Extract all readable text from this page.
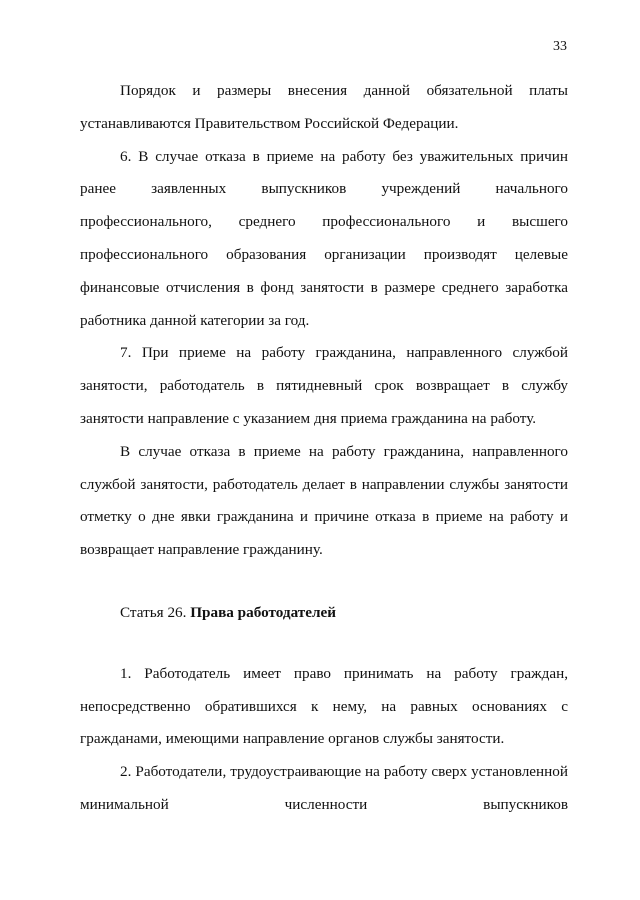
33

Порядок и размеры внесения данной обязательной платы устанавливаются Правительством Российской Федерации.

6. В случае отказа в приеме на работу без уважительных причин ранее заявленных выпускников учреждений начального профессионального, среднего профессионального и высшего профессионального образования организации производят целевые финансовые отчисления в фонд занятости в размере среднего заработка работника данной категории за год.

7. При приеме на работу гражданина, направленного службой занятости, работодатель в пятидневный срок возвращает в службу занятости направление с указанием дня приема гражданина на работу.

В случае отказа в приеме на работу гражданина, направленного службой занятости, работодатель делает в направлении службы занятости отметку о дне явки гражданина и причине отказа в приеме на работу и возвращает направление гражданину.

Статья 26. Права работодателей

1. Работодатель имеет право принимать на работу граждан, непосредственно обратившихся к нему, на равных основаниях с гражданами, имеющими направление органов службы занятости.

2. Работодатели, трудоустраивающие на работу сверх установленной минимальной численности выпускников
